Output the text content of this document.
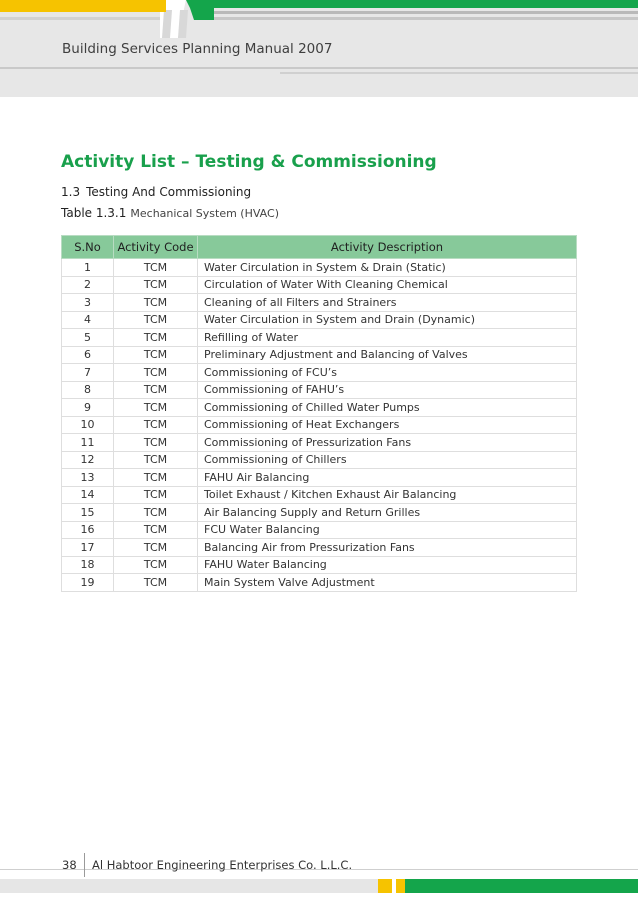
Building Services Planning Manual 2007
Activity List – Testing & Commissioning
1.3 Testing And Commissioning
Table 1.3.1 Mechanical System (HVAC)
S.No	Activity Code	Activity Description
1	TCM	Water Circulation in System & Drain (Static)
2	TCM	Circulation of Water With Cleaning Chemical
3	TCM	Cleaning of all Filters and Strainers
4	TCM	Water Circulation in System and Drain (Dynamic)
5	TCM	Refilling of Water
6	TCM	Preliminary Adjustment and Balancing of Valves
7	TCM	Commissioning of FCU’s
8	TCM	Commissioning of FAHU’s
9	TCM	Commissioning of Chilled Water Pumps
10	TCM	Commissioning of Heat Exchangers
11	TCM	Commissioning of Pressurization Fans
12	TCM	Commissioning of Chillers
13	TCM	FAHU Air Balancing
14	TCM	Toilet Exhaust / Kitchen Exhaust Air Balancing
15	TCM	Air Balancing Supply and Return Grilles
16	TCM	FCU Water Balancing
17	TCM	Balancing Air from Pressurization Fans
18	TCM	FAHU Water Balancing
19	TCM	Main System Valve Adjustment
38 Al Habtoor Engineering Enterprises Co. L.L.C.
